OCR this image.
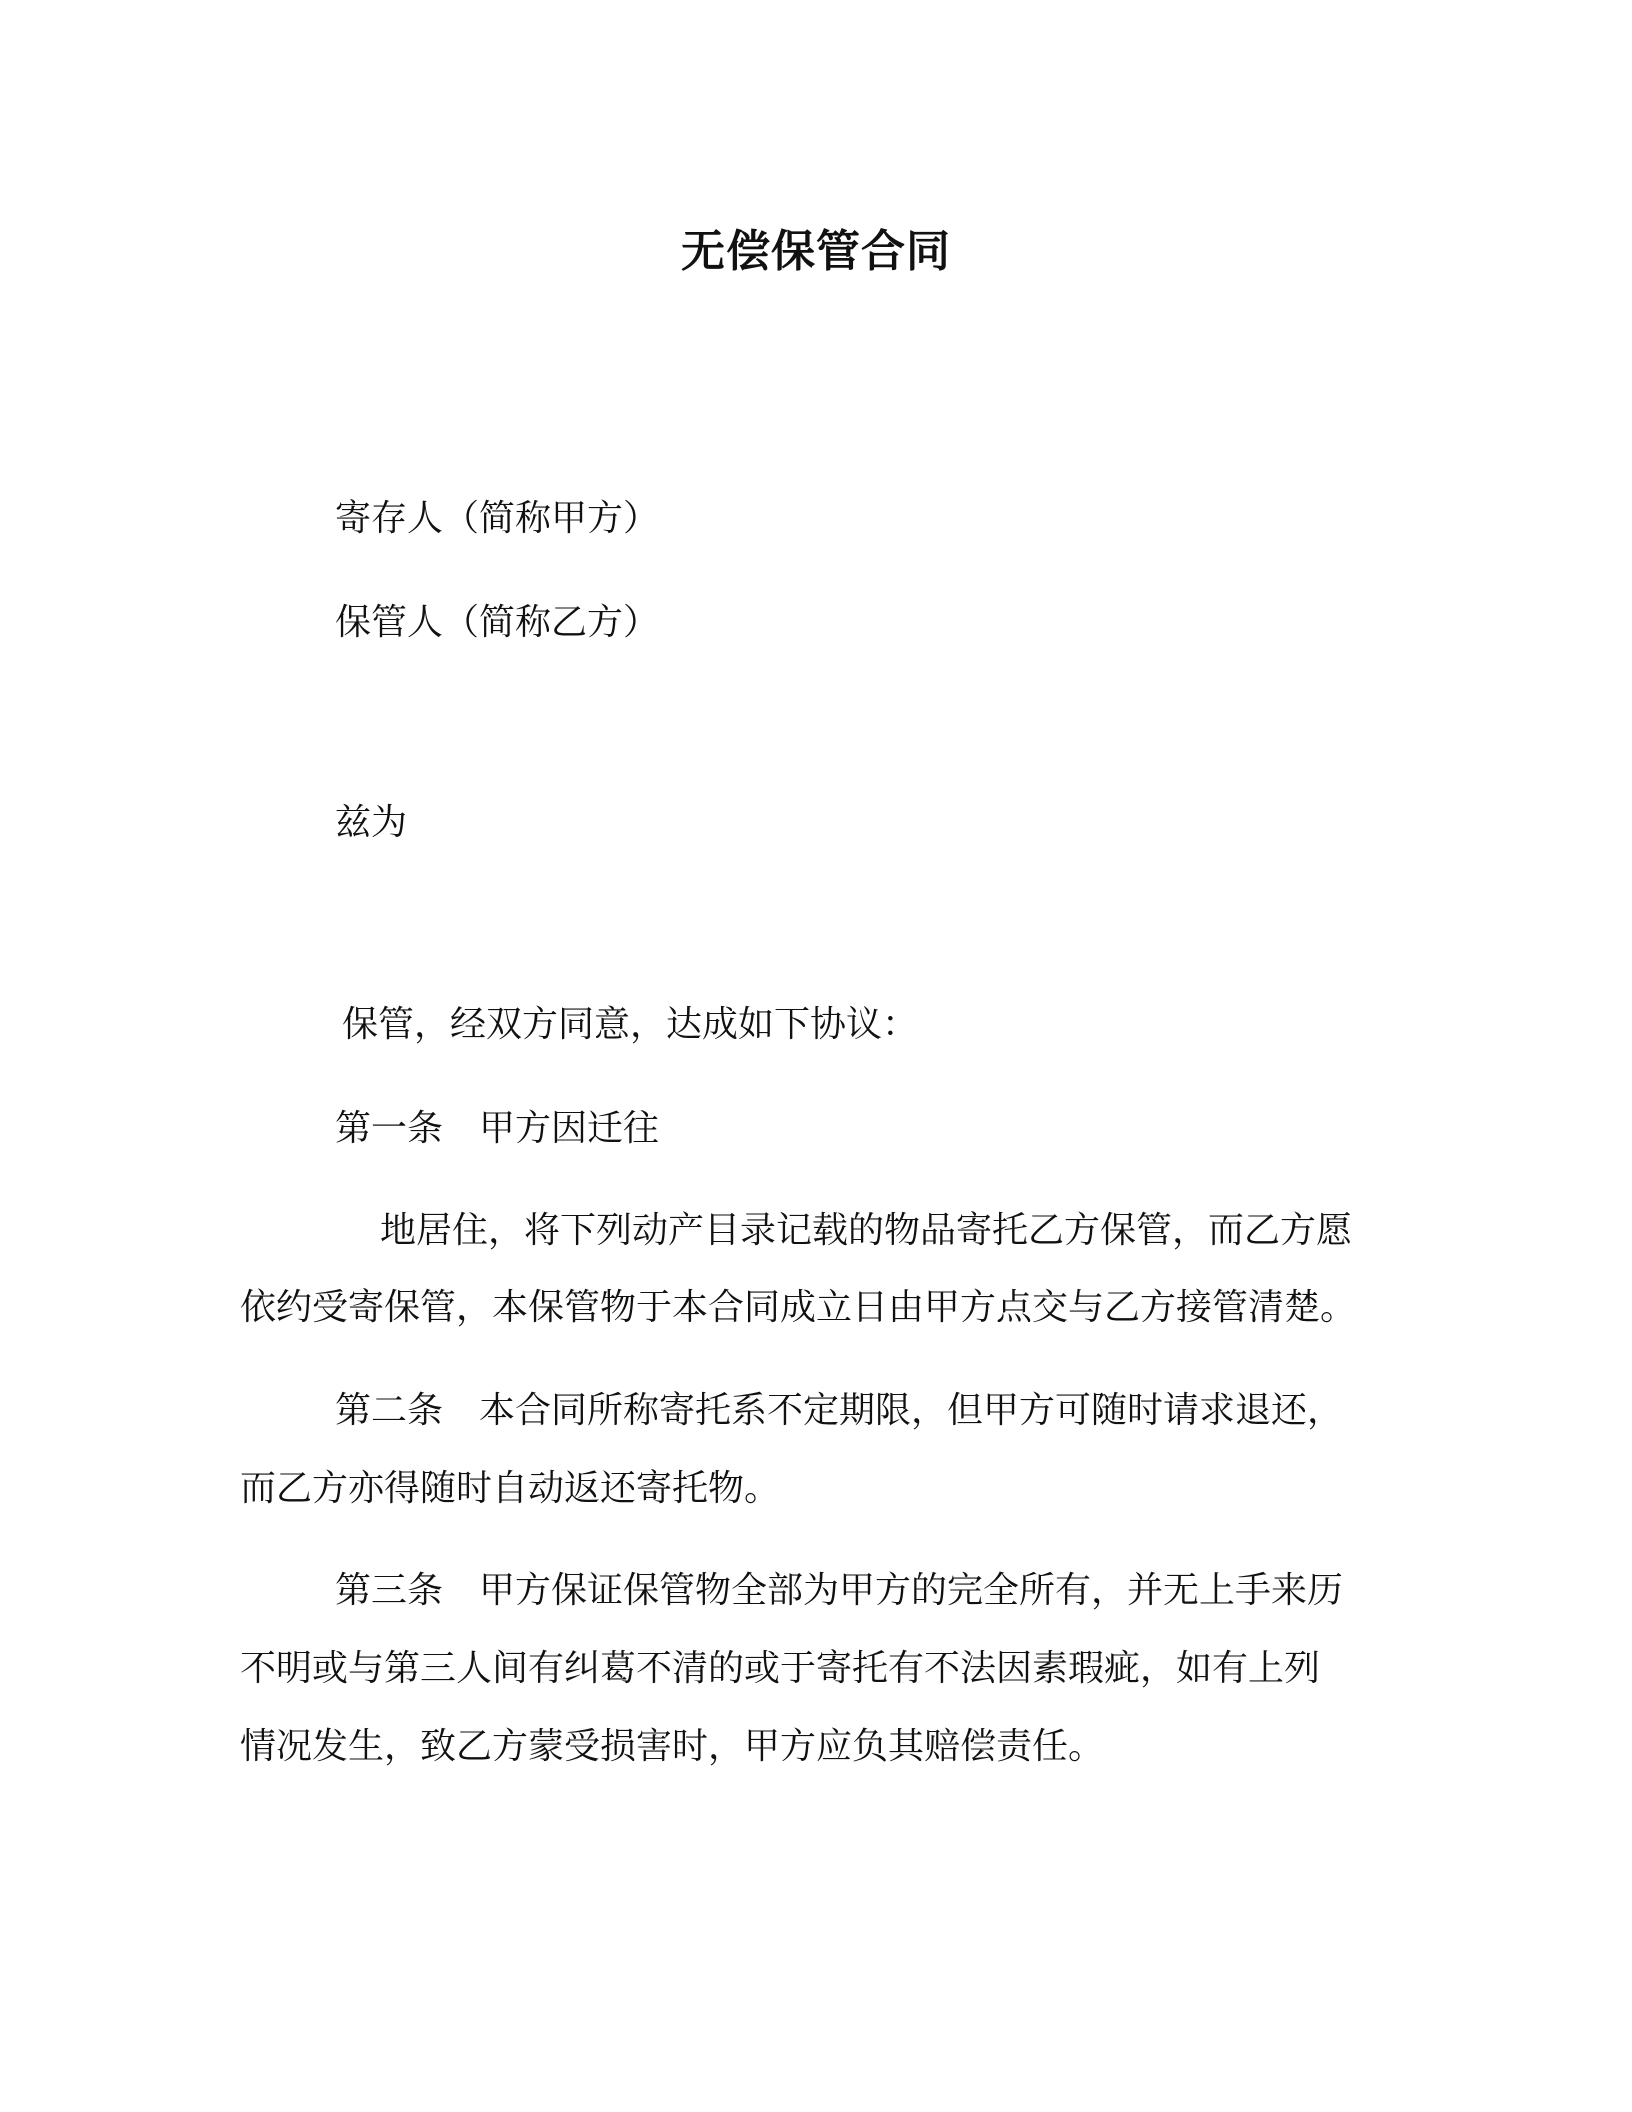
无偿保管合同
寄存人（简称甲方）
保管人（简称乙方）
兹为
保管，经双方同意，达成如下协议：
第一条　甲方因迁往
地居住，将下列动产目录记载的物品寄托乙方保管，而乙方愿
依约受寄保管，本保管物于本合同成立日由甲方点交与乙方接管清楚。
第二条　本合同所称寄托系不定期限，但甲方可随时请求退还，
而乙方亦得随时自动返还寄托物。
第三条　甲方保证保管物全部为甲方的完全所有，并无上手来历
不明或与第三人间有纠葛不清的或于寄托有不法因素瑕疵，如有上列
情况发生，致乙方蒙受损害时，甲方应负其赔偿责任。
